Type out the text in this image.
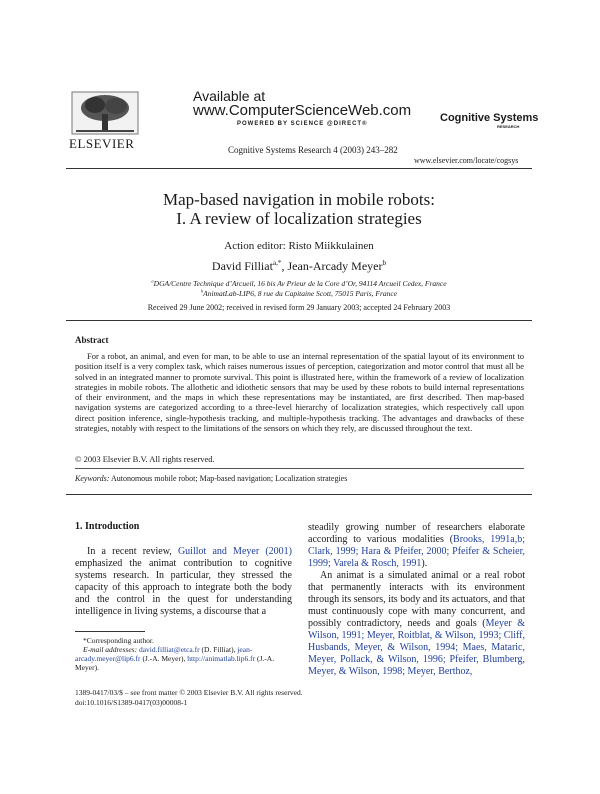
ELSEVIER
Available at
www.ComputerScienceWeb.com
POWERED BY SCIENCE @DIRECT®
Cognitive Systems Research 4 (2003) 243–282
Cognitive Systems
RESEARCH
www.elsevier.com/locate/cogsys
Map-based navigation in mobile robots:
I. A review of localization strategies
Action editor: Risto Miikkulainen
David Filliat$^{a,*}$, Jean-Arcady Meyer$^b$
$^a$DGA/Centre Technique d’Arcueil, 16 bis Av Prieur de la Core d’Or, 94114 Arcueil Cedex, France
$^b$AnimatLab-LIP6, 8 rue du Capitaine Scott, 75015 Paris, France
Received 29 June 2002; received in revised form 29 January 2003; accepted 24 February 2003
Abstract

For a robot, an animal, and even for man, to be able to use an internal representation of the spatial layout of its environment to position itself is a very complex task, which raises numerous issues of perception, categorization and motor control that must all be solved in an integrated manner to promote survival. This point is illustrated here, within the framework of a review of localization strategies in mobile robots. The allothetic and idiothetic sensors that may be used by these robots to build internal representations of their environment, and the maps in which these representations may be instantiated, are first described. Then map-based navigation systems are categorized according to a three-level hierarchy of localization strategies, which respectively call upon direct position inference, single-hypothesis tracking, and multiple-hypothesis tracking. The advantages and drawbacks of these strategies, notably with respect to the limitations of the sensors on which they rely, are discussed throughout the text.

© 2003 Elsevier B.V. All rights reserved.
Keywords: Autonomous mobile robot; Map-based navigation; Localization strategies
1. Introduction

In a recent review, Guillot and Meyer (2001) emphasized the animat contribution to cognitive systems research. In particular, they stressed the capacity of this approach to integrate both the body and the control in the quest for understanding intelligence in living systems, a discourse that a

steadily growing number of researchers elaborate according to various modalities (Brooks, 1991a,b; Clark, 1999; Hara & Pfeifer, 2000; Pfeifer & Scheier, 1999; Varela & Rosch, 1991).

An animat is a simulated animal or a real robot that permanently interacts with its environment through its sensors, its body and its actuators, and that must continuously cope with many concurrent, and possibly contradictory, needs and goals (Meyer & Wilson, 1991; Meyer, Roitblat, & Wilson, 1993; Cliff, Husbands, Meyer, & Wilson, 1994; Maes, Mataric, Meyer, Pollack, & Wilson, 1996; Pfeifer, Blumberg, Meyer, & Wilson, 1998; Meyer, Berthoz,

*Corresponding author.

E-mail addresses: david.filliat@etca.fr (D. Filliat), jean-arcady.meyer@lip6.fr (J.-A. Meyer), http://animatlab.lip6.fr (J.-A. Meyer).

1389-0417/03/$ – see front matter © 2003 Elsevier B.V. All rights reserved.
doi:10.1016/S1389-0417(03)00008-1
